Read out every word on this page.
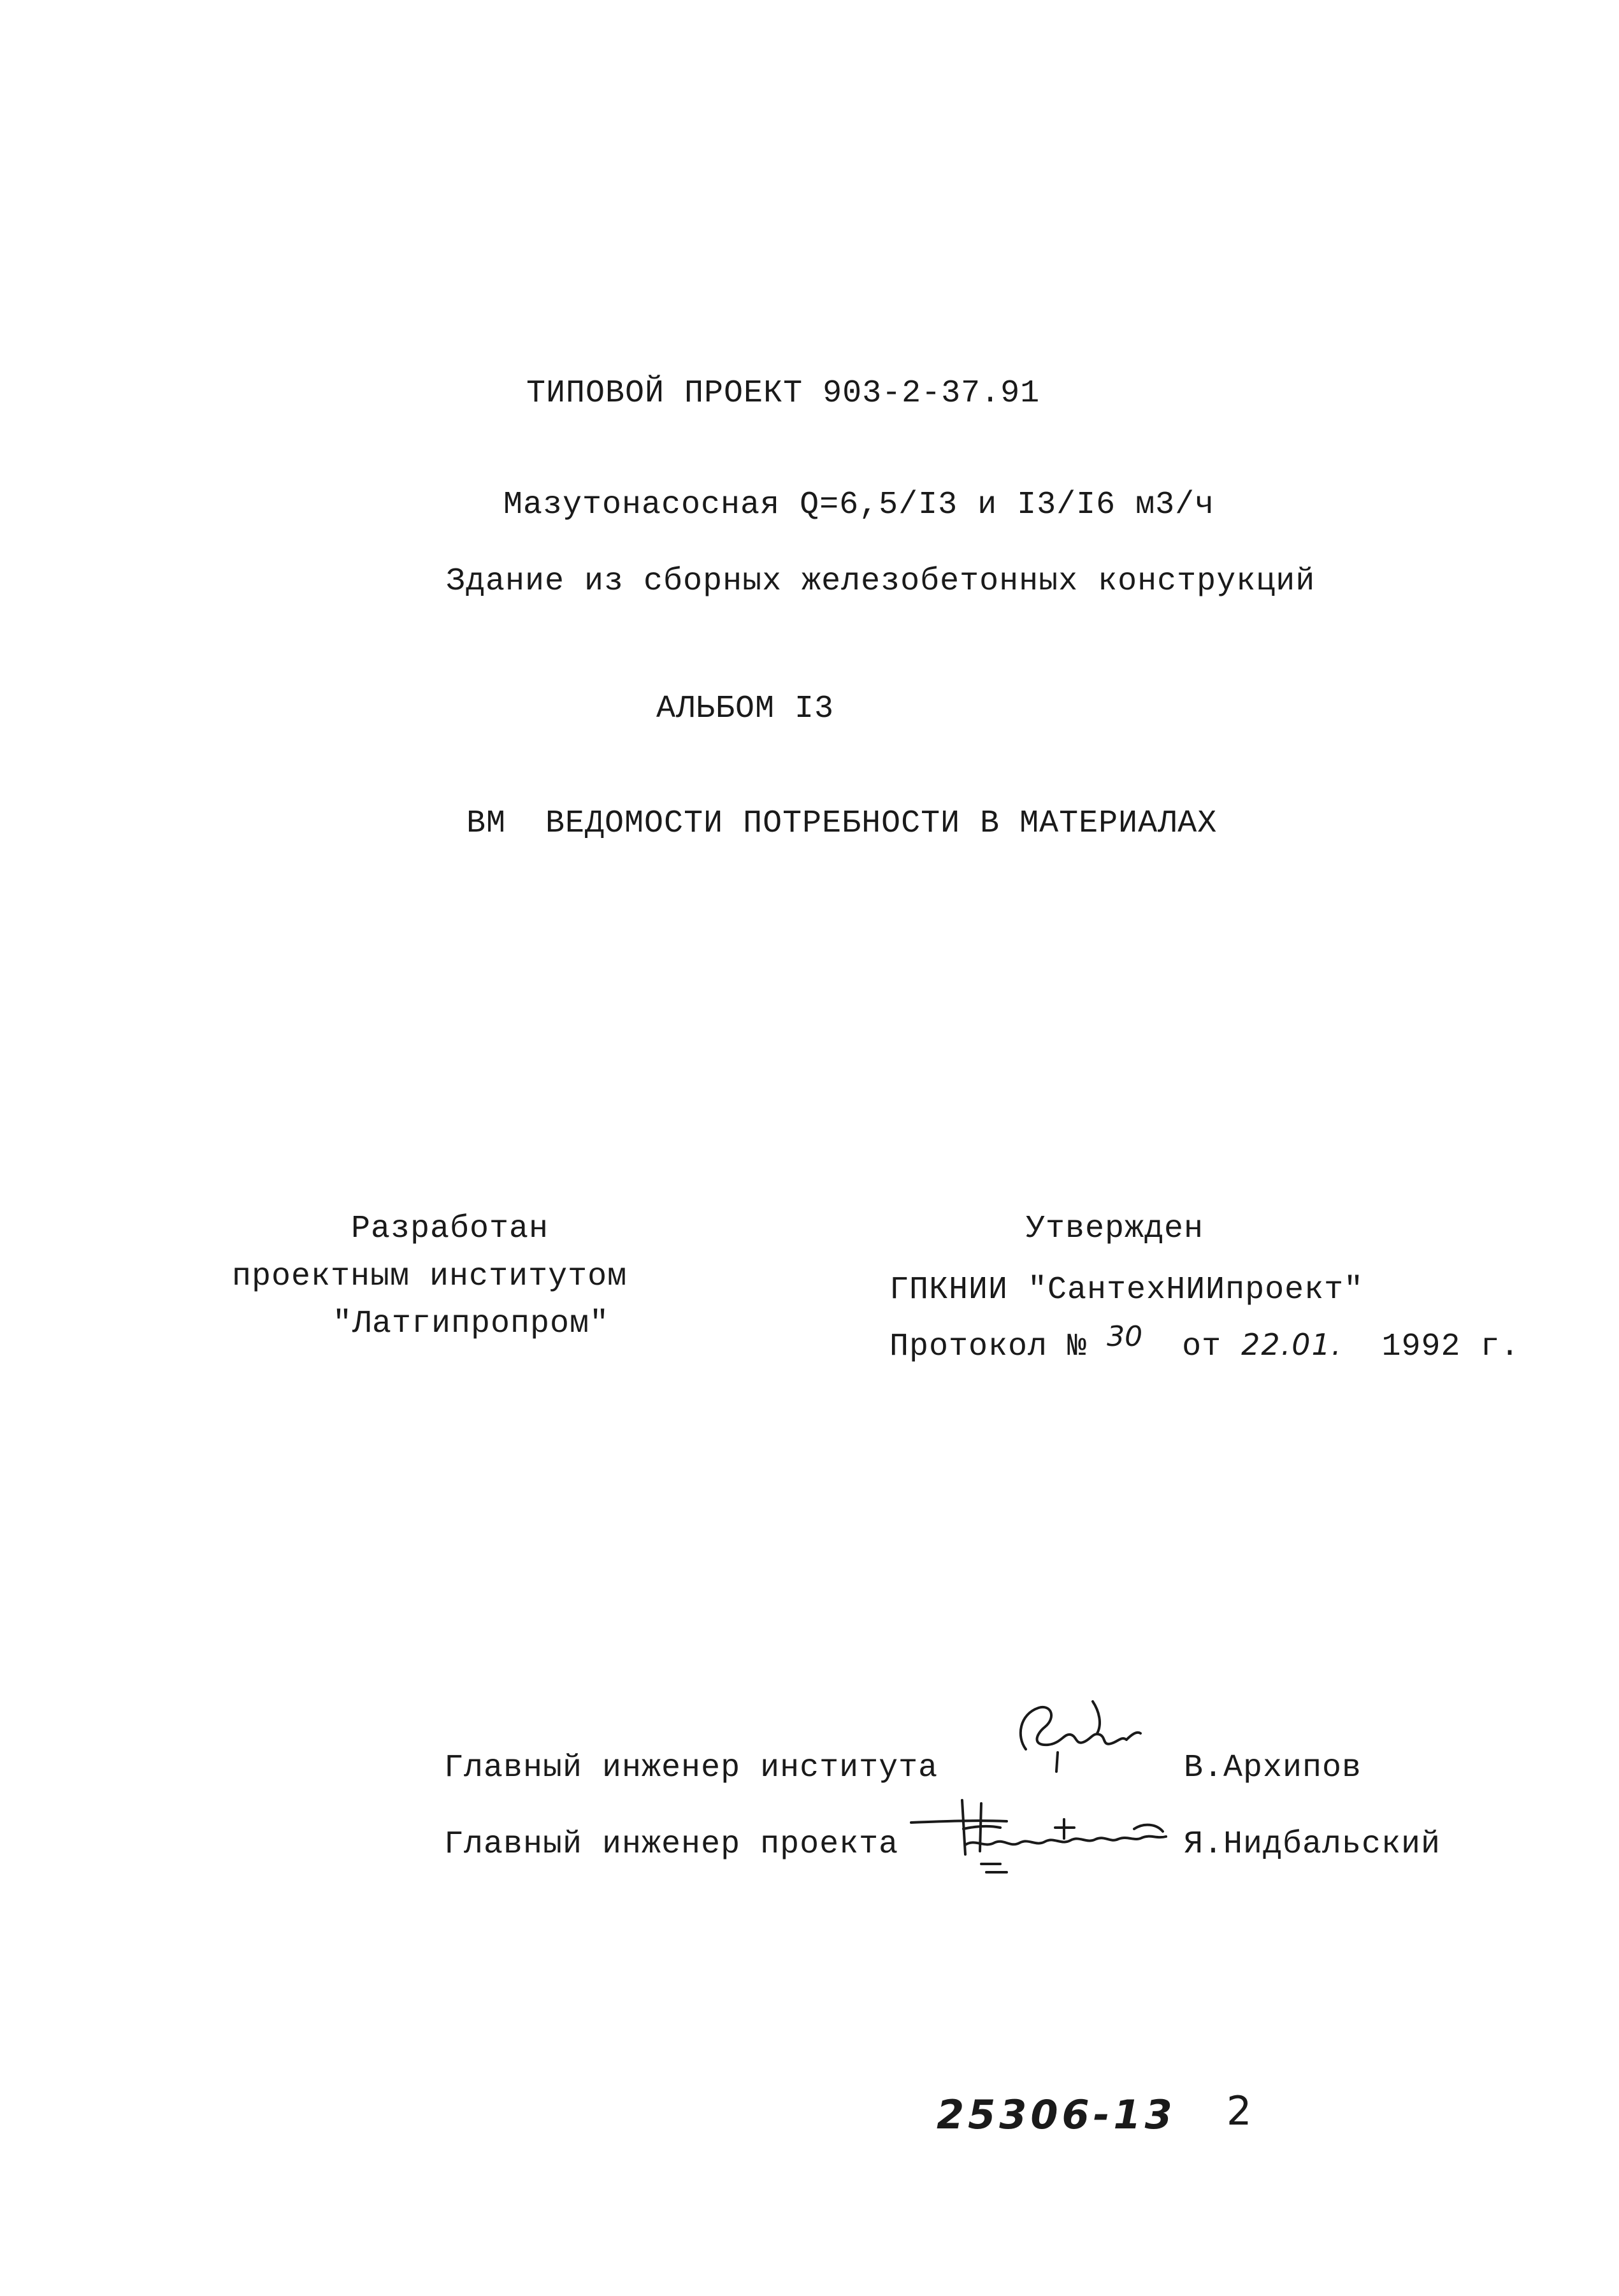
ТИПОВОЙ ПРОЕКТ 903-2-37.91
Мазутонасосная Q=6,5/I3 и I3/I6 м3/ч
Здание из сборных железобетонных конструкций
АЛЬБОМ I3
ВМ ВЕДОМОСТИ ПОТРЕБНОСТИ В МАТЕРИАЛАХ
Разработан
проектным институтом
"Латгипропром"
Утвержден
ГПКНИИ "СантехНИИпроект"
Протокол № 30 от 22.01. 1992 г.
Главный инженер института	В.Архипов
Главный инженер проекта	Я.Нидбальский
25306-13 2
